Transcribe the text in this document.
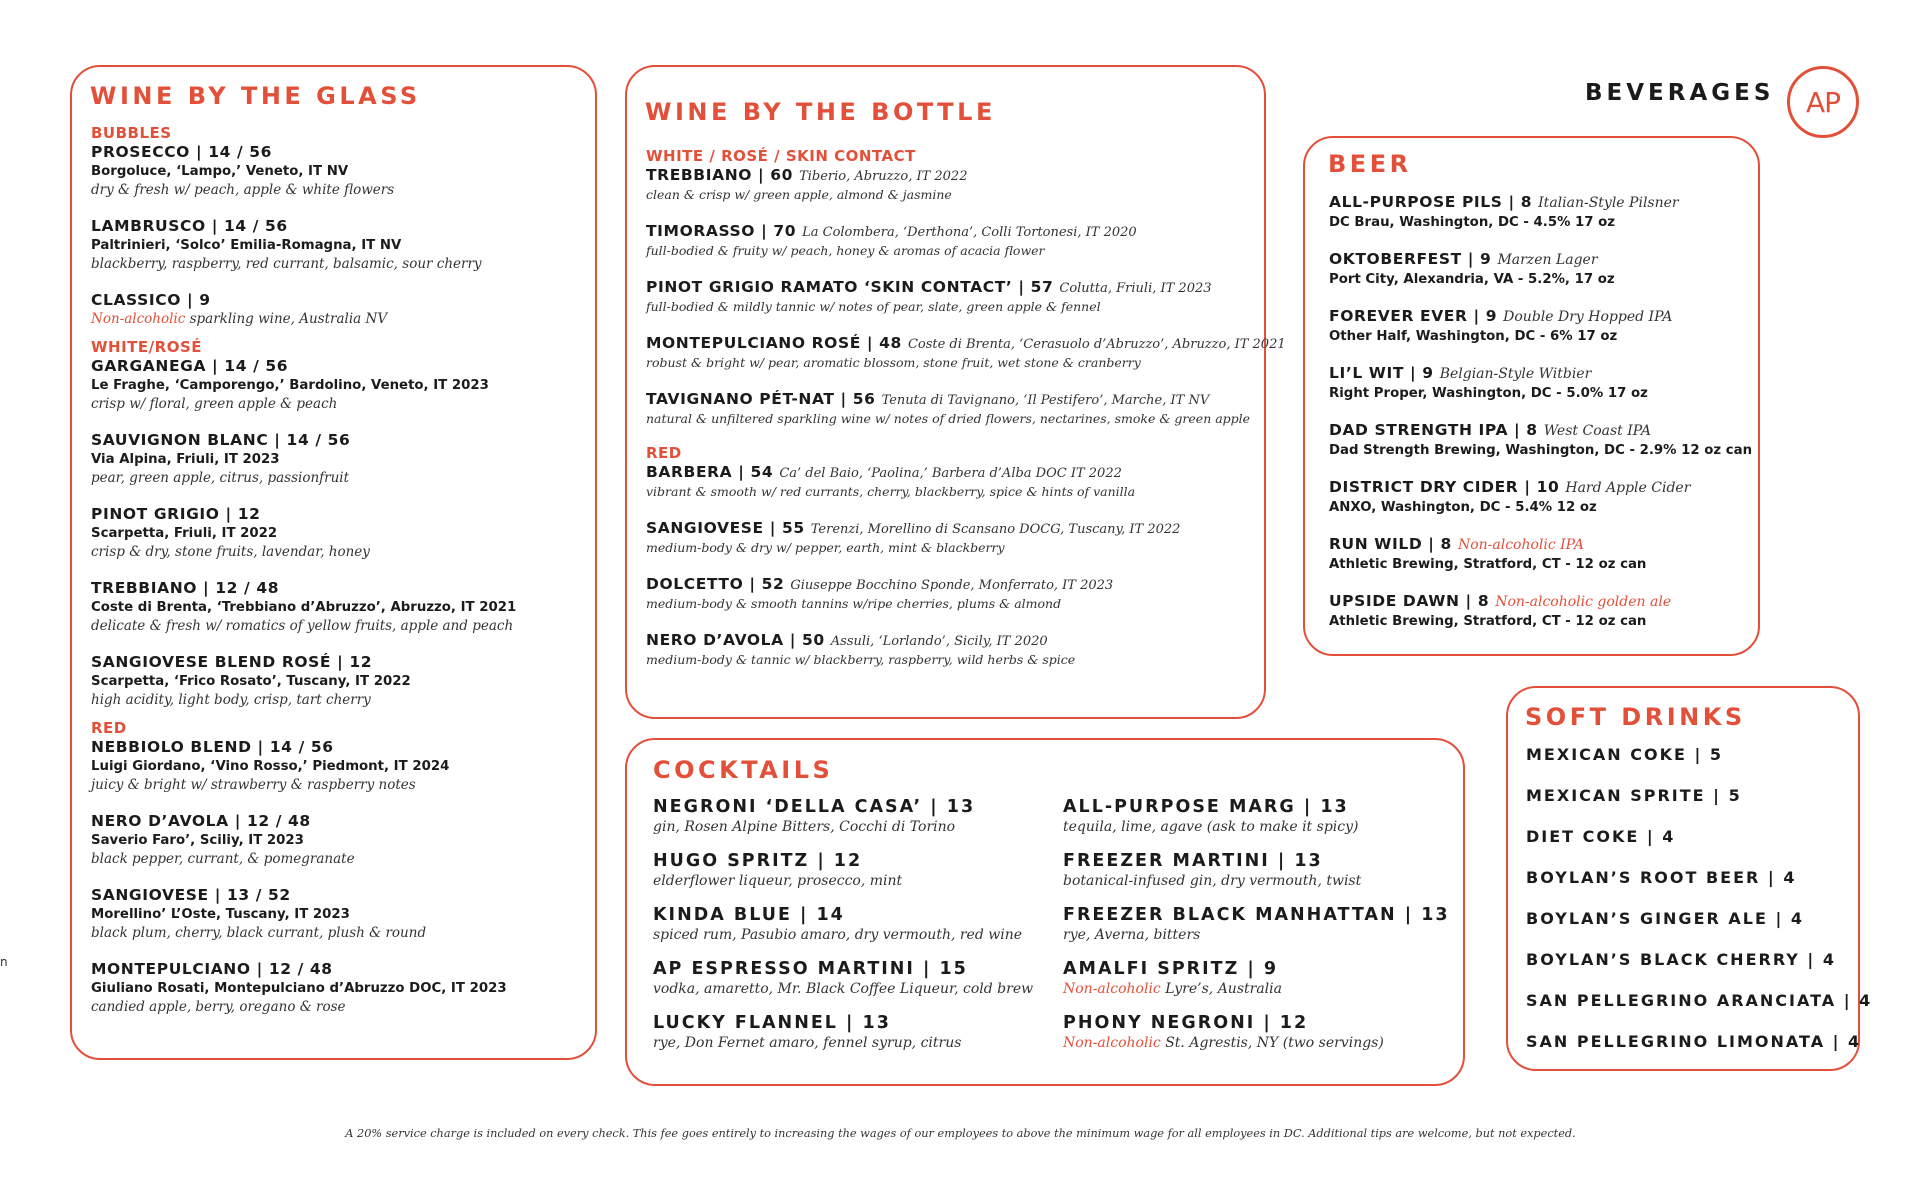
BEVERAGES	AP
n
WINE BY THE GLASS
BUBBLES
PROSECCO | 14 / 56
Borgoluce, ‘Lampo,’ Veneto, IT NV
dry & fresh w/ peach, apple & white flowers
LAMBRUSCO | 14 / 56
Paltrinieri, ‘Solco’ Emilia-Romagna, IT NV
blackberry, raspberry, red currant, balsamic, sour cherry
CLASSICO | 9
Non-alcoholic sparkling wine, Australia NV
WHITE/ROSÉ
GARGANEGA | 14 / 56
Le Fraghe, ‘Camporengo,’ Bardolino, Veneto, IT 2023
crisp w/ floral, green apple & peach
SAUVIGNON BLANC | 14 / 56
Via Alpina, Friuli, IT 2023
pear, green apple, citrus, passionfruit
PINOT GRIGIO | 12
Scarpetta, Friuli, IT 2022
crisp & dry, stone fruits, lavendar, honey
TREBBIANO | 12 / 48
Coste di Brenta, ‘Trebbiano d’Abruzzo’, Abruzzo, IT 2021
delicate & fresh w/ romatics of yellow fruits, apple and peach
SANGIOVESE BLEND ROSÉ | 12
Scarpetta, ‘Frico Rosato’, Tuscany, IT 2022
high acidity, light body, crisp, tart cherry
RED
NEBBIOLO BLEND | 14 / 56
Luigi Giordano, ‘Vino Rosso,’ Piedmont, IT 2024
juicy & bright w/ strawberry & raspberry notes
NERO D’AVOLA | 12 / 48
Saverio Faro’, Sciliy, IT 2023
black pepper, currant, & pomegranate
SANGIOVESE | 13 / 52
Morellino’ L’Oste, Tuscany, IT 2023
black plum, cherry, black currant, plush & round
MONTEPULCIANO | 12 / 48
Giuliano Rosati, Montepulciano d’Abruzzo DOC, IT 2023
candied apple, berry, oregano & rose
WINE BY THE BOTTLE
WHITE / ROSÉ / SKIN CONTACT
TREBBIANO | 60 Tiberio, Abruzzo, IT 2022
clean & crisp w/ green apple, almond & jasmine
TIMORASSO | 70 La Colombera, ‘Derthona’, Colli Tortonesi, IT 2020
full-bodied & fruity w/ peach, honey & aromas of acacia flower
PINOT GRIGIO RAMATO ‘SKIN CONTACT’ | 57 Colutta, Friuli, IT 2023
full-bodied & mildly tannic w/ notes of pear, slate, green apple & fennel
MONTEPULCIANO ROSÉ | 48 Coste di Brenta, ‘Cerasuolo d’Abruzzo’, Abruzzo, IT 2021
robust & bright w/ pear, aromatic blossom, stone fruit, wet stone & cranberry
TAVIGNANO PÉT-NAT | 56 Tenuta di Tavignano, ‘Il Pestifero’, Marche, IT NV
natural & unfiltered sparkling wine w/ notes of dried flowers, nectarines, smoke & green apple
RED
BARBERA | 54 Ca’ del Baio, ‘Paolina,’ Barbera d’Alba DOC IT 2022
vibrant & smooth w/ red currants, cherry, blackberry, spice & hints of vanilla
SANGIOVESE | 55 Terenzi, Morellino di Scansano DOCG, Tuscany, IT 2022
medium-body & dry w/ pepper, earth, mint & blackberry
DOLCETTO | 52 Giuseppe Bocchino Sponde, Monferrato, IT 2023
medium-body & smooth tannins w/ripe cherries, plums & almond
NERO D’AVOLA | 50 Assuli, ‘Lorlando’, Sicily, IT 2020
medium-body & tannic w/ blackberry, raspberry, wild herbs & spice
BEER
ALL-PURPOSE PILS | 8 Italian-Style Pilsner
DC Brau, Washington, DC - 4.5% 17 oz
OKTOBERFEST | 9 Marzen Lager
Port City, Alexandria, VA - 5.2%, 17 oz
FOREVER EVER | 9 Double Dry Hopped IPA
Other Half, Washington, DC - 6% 17 oz
LI’L WIT | 9 Belgian-Style Witbier
Right Proper, Washington, DC - 5.0% 17 oz
DAD STRENGTH IPA | 8 West Coast IPA
Dad Strength Brewing, Washington, DC - 2.9% 12 oz can
DISTRICT DRY CIDER | 10 Hard Apple Cider
ANXO, Washington, DC - 5.4% 12 oz
RUN WILD | 8 Non-alcoholic IPA
Athletic Brewing, Stratford, CT - 12 oz can
UPSIDE DAWN | 8 Non-alcoholic golden ale
Athletic Brewing, Stratford, CT - 12 oz can
COCKTAILS
NEGRONI ‘DELLA CASA’ | 13
gin, Rosen Alpine Bitters, Cocchi di Torino
HUGO SPRITZ | 12
elderflower liqueur, prosecco, mint
KINDA BLUE | 14
spiced rum, Pasubio amaro, dry vermouth, red wine
AP ESPRESSO MARTINI | 15
vodka, amaretto, Mr. Black Coffee Liqueur, cold brew
LUCKY FLANNEL | 13
rye, Don Fernet amaro, fennel syrup, citrus
ALL-PURPOSE MARG | 13
tequila, lime, agave (ask to make it spicy)
FREEZER MARTINI | 13
botanical-infused gin, dry vermouth, twist
FREEZER BLACK MANHATTAN | 13
rye, Averna, bitters
AMALFI SPRITZ | 9
Non-alcoholic Lyre’s, Australia
PHONY NEGRONI | 12
Non-alcoholic St. Agrestis, NY (two servings)
SOFT DRINKS
MEXICAN COKE | 5
MEXICAN SPRITE | 5
DIET COKE | 4
BOYLAN’S ROOT BEER | 4
BOYLAN’S GINGER ALE | 4
BOYLAN’S BLACK CHERRY | 4
SAN PELLEGRINO ARANCIATA | 4
SAN PELLEGRINO LIMONATA | 4
A 20% service charge is included on every check. This fee goes entirely to increasing the wages of our employees to above the minimum wage for all employees in DC. Additional tips are welcome, but not expected.
